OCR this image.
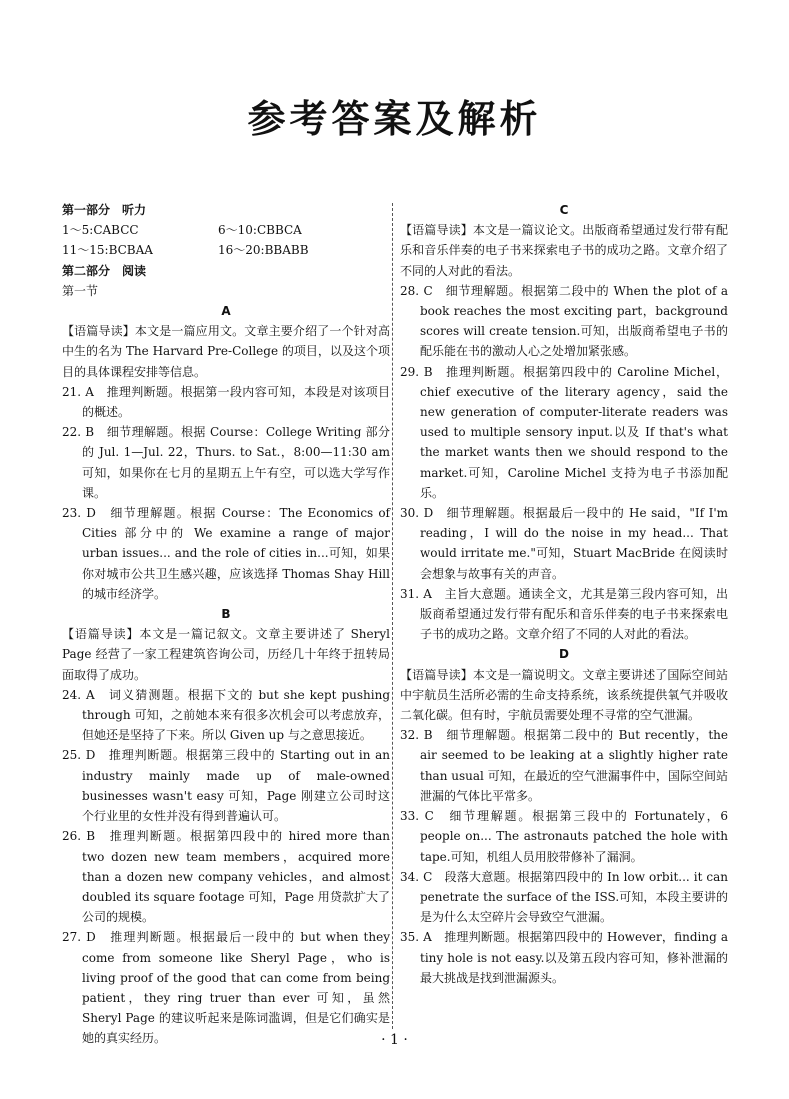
参考答案及解析
第一部分　听力
1～5:CABCC	6～10:CBBCA
11～15:BCBAA	16～20:BBABB
第二部分　阅读
第一节
A
【语篇导读】本文是一篇应用文。文章主要介绍了一个针对高中生的名为 The Harvard Pre-College 的项目，以及这个项目的具体课程安排等信息。
21. A　推理判断题。根据第一段内容可知，本段是对该项目的概述。
22. B　细节理解题。根据 Course：College Writing 部分的 Jul. 1—Jul. 22，Thurs. to Sat.，8:00—11:30 am 可知，如果你在七月的星期五上午有空，可以选大学写作课。
23. D　细节理解题。根据 Course：The Economics of Cities 部分中的 We examine a range of major urban issues... and the role of cities in...可知，如果你对城市公共卫生感兴趣，应该选择 Thomas Shay Hill 的城市经济学。
B
【语篇导读】本文是一篇记叙文。文章主要讲述了 Sheryl Page 经营了一家工程建筑咨询公司，历经几十年终于扭转局面取得了成功。
24. A　词义猜测题。根据下文的 but she kept pushing through 可知，之前她本来有很多次机会可以考虑放弃，但她还是坚持了下来。所以 Given up 与之意思接近。
25. D　推理判断题。根据第三段中的 Starting out in an industry mainly made up of male-owned businesses wasn't easy 可知，Page 刚建立公司时这个行业里的女性并没有得到普遍认可。
26. B　推理判断题。根据第四段中的 hired more than two dozen new team members，acquired more than a dozen new company vehicles，and almost doubled its square footage 可知，Page 用贷款扩大了公司的规模。
27. D　推理判断题。根据最后一段中的 but when they come from someone like Sheryl Page，who is living proof of the good that can come from being patient，they ring truer than ever 可知，虽然 Sheryl Page 的建议听起来是陈词滥调，但是它们确实是她的真实经历。
C
【语篇导读】本文是一篇议论文。出版商希望通过发行带有配乐和音乐伴奏的电子书来探索电子书的成功之路。文章介绍了不同的人对此的看法。
28. C　细节理解题。根据第二段中的 When the plot of a book reaches the most exciting part，background scores will create tension.可知，出版商希望电子书的配乐能在书的激动人心之处增加紧张感。
29. B　推理判断题。根据第四段中的 Caroline Michel，chief executive of the literary agency，said the new generation of computer-literate readers was used to multiple sensory input.以及 If that's what the market wants then we should respond to the market.可知，Caroline Michel 支持为电子书添加配乐。
30. D　细节理解题。根据最后一段中的 He said，"If I'm reading，I will do the noise in my head... That would irritate me."可知，Stuart MacBride 在阅读时会想象与故事有关的声音。
31. A　主旨大意题。通读全文，尤其是第三段内容可知，出版商希望通过发行带有配乐和音乐伴奏的电子书来探索电子书的成功之路。文章介绍了不同的人对此的看法。
D
【语篇导读】本文是一篇说明文。文章主要讲述了国际空间站中宇航员生活所必需的生命支持系统，该系统提供氧气并吸收二氧化碳。但有时，宇航员需要处理不寻常的空气泄漏。
32. B　细节理解题。根据第二段中的 But recently，the air seemed to be leaking at a slightly higher rate than usual 可知，在最近的空气泄漏事件中，国际空间站泄漏的气体比平常多。
33. C　细节理解题。根据第三段中的 Fortunately，6 people on... The astronauts patched the hole with tape.可知，机组人员用胶带修补了漏洞。
34. C　段落大意题。根据第四段中的 In low orbit... it can penetrate the surface of the ISS.可知，本段主要讲的是为什么太空碎片会导致空气泄漏。
35. A　推理判断题。根据第四段中的 However，finding a tiny hole is not easy.以及第五段内容可知，修补泄漏的最大挑战是找到泄漏源头。
· 1 ·
